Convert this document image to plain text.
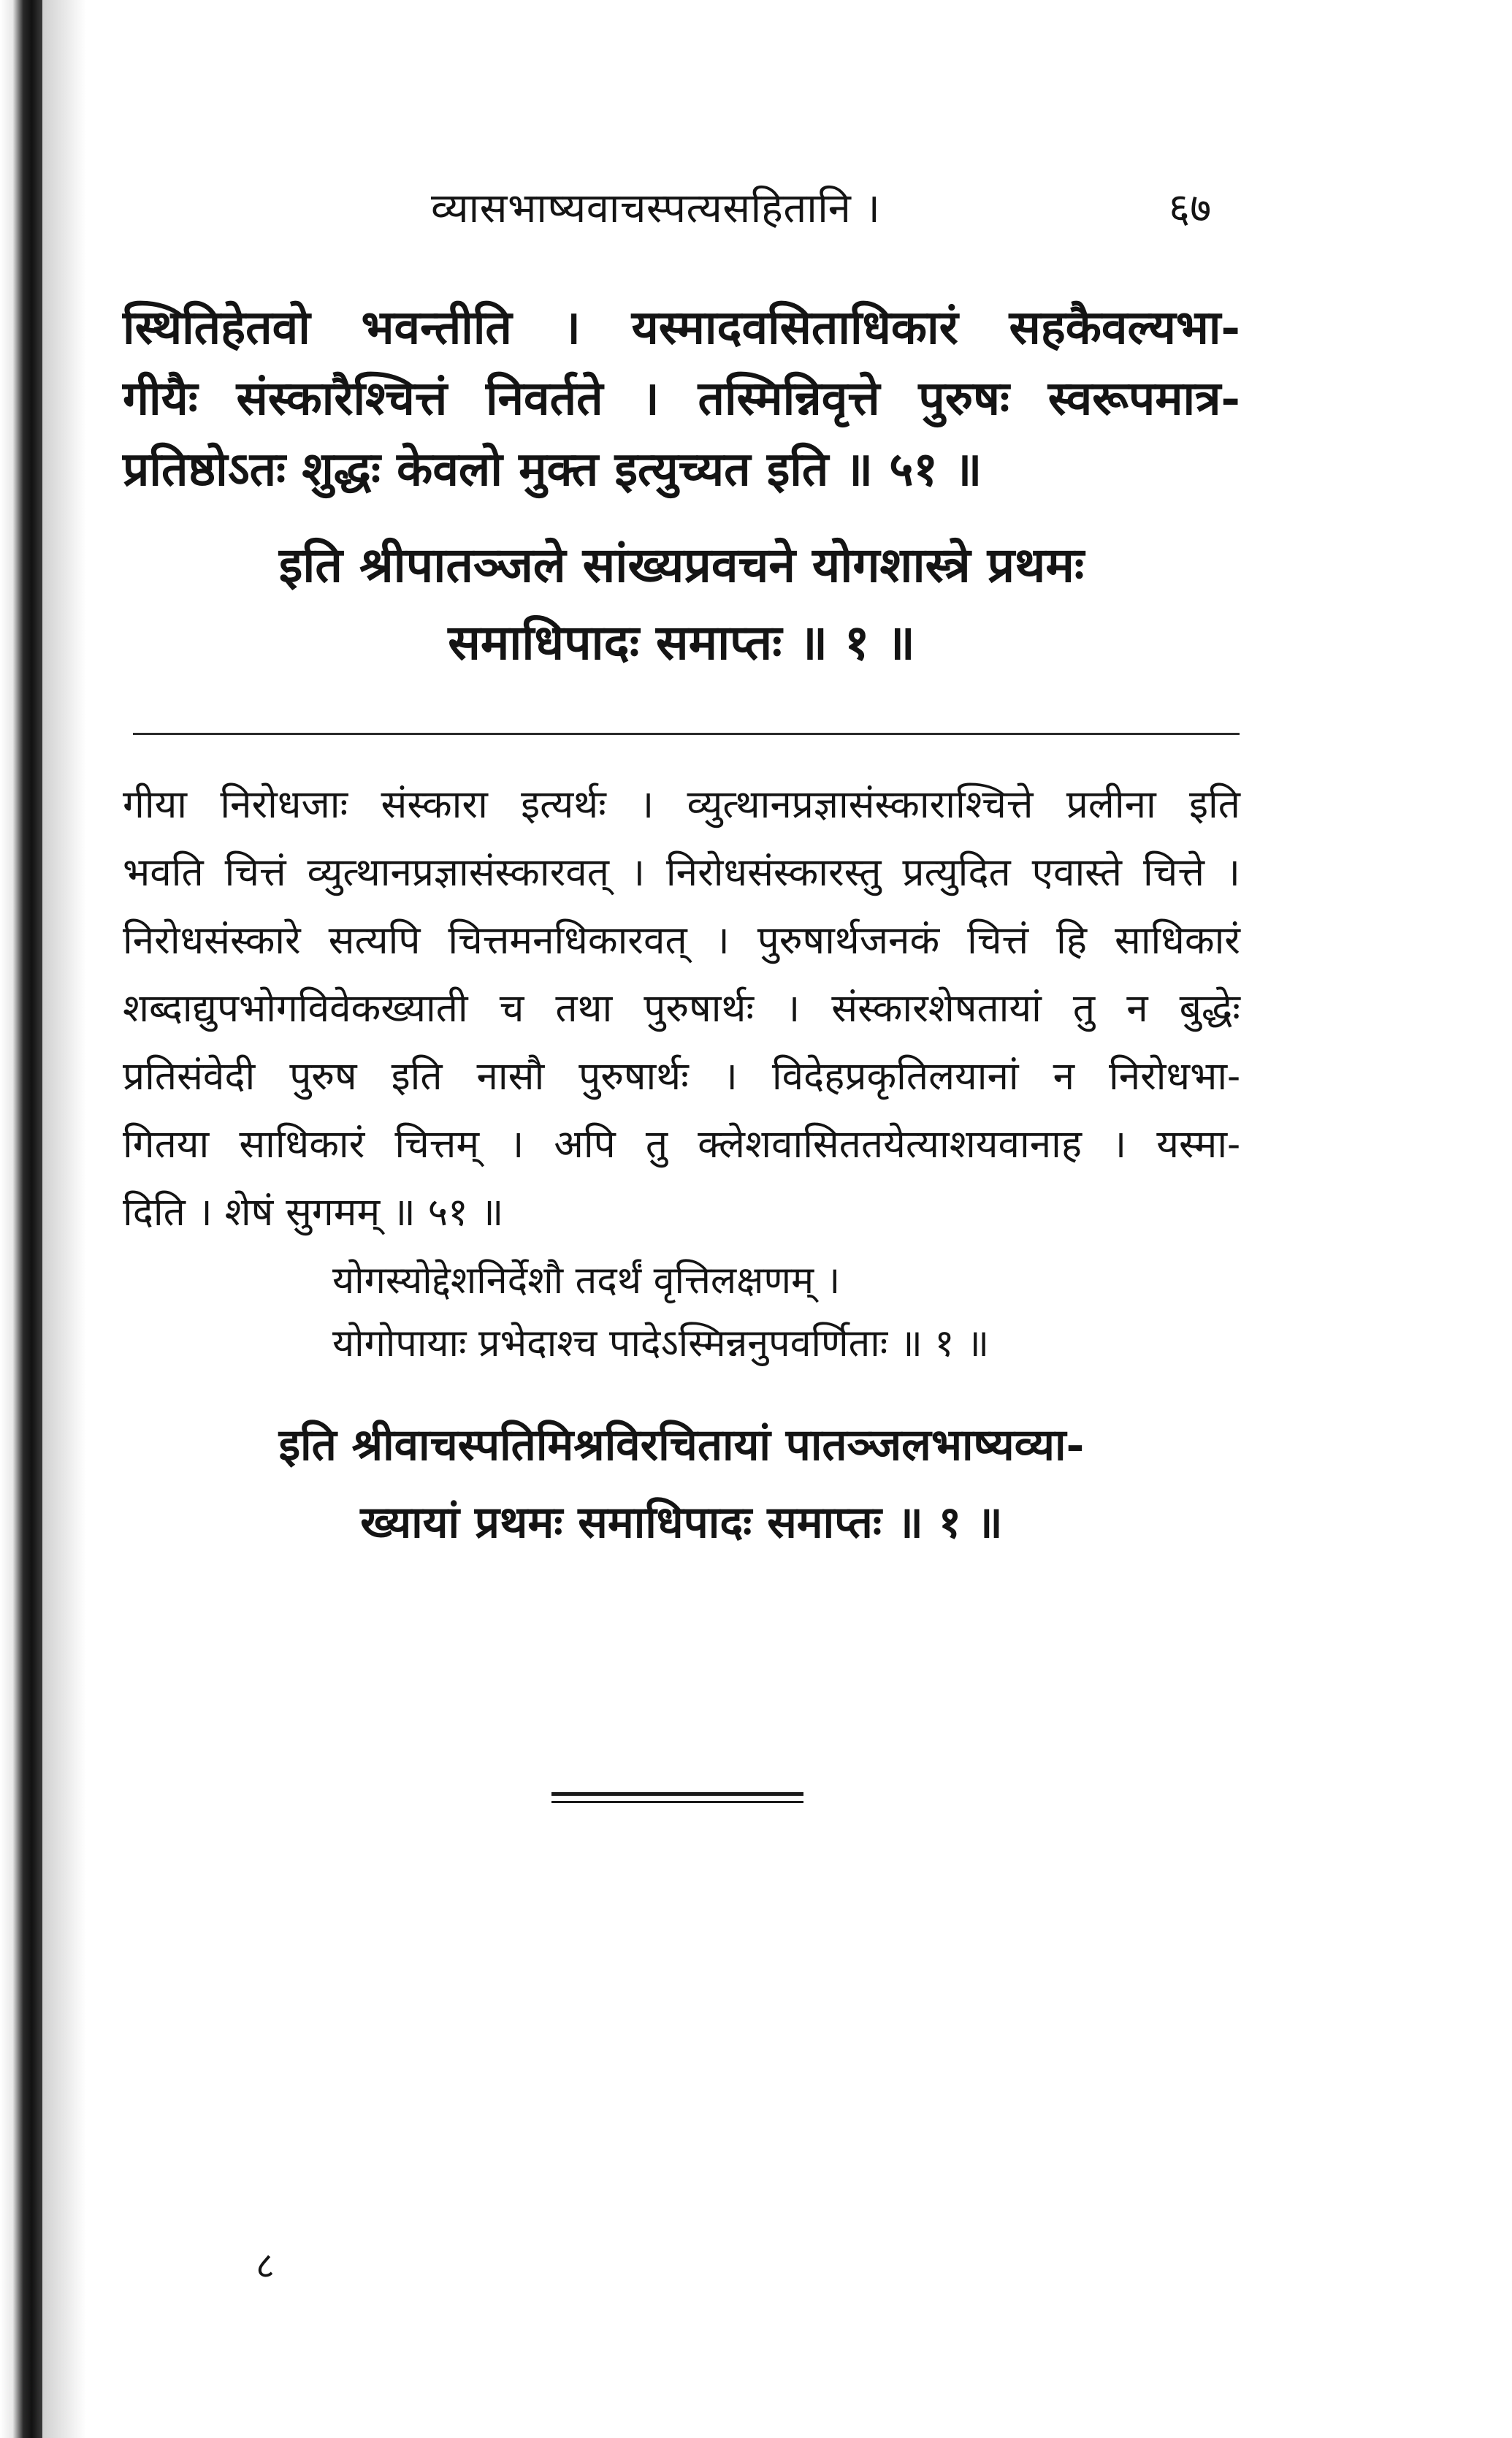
व्यासभाष्यवाचस्पत्यसहितानि ।	६७
स्थितिहेतवो भवन्तीति । यस्मादवसिताधिकारं सहकैवल्यभा-
गीयैः संस्कारैश्चित्तं निवर्तते । तस्मिन्निवृत्ते पुरुषः स्वरूपमात्र-
प्रतिष्ठोऽतः शुद्धः केवलो मुक्त इत्युच्यत इति ॥ ५१ ॥
इति श्रीपातञ्जले सांख्यप्रवचने योगशास्त्रे प्रथमः
समाधिपादः समाप्तः ॥ १ ॥
गीया निरोधजाः संस्कारा इत्यर्थः । व्युत्थानप्रज्ञासंस्काराश्चित्ते प्रलीना इति
भवति चित्तं व्युत्थानप्रज्ञासंस्कारवत् । निरोधसंस्कारस्तु प्रत्युदित एवास्ते चित्ते ।
निरोधसंस्कारे सत्यपि चित्तमनधिकारवत् । पुरुषार्थजनकं चित्तं हि साधिकारं
शब्दाद्युपभोगविवेकख्याती च तथा पुरुषार्थः । संस्कारशेषतायां तु न बुद्धेः
प्रतिसंवेदी पुरुष इति नासौ पुरुषार्थः । विदेहप्रकृतिलयानां न निरोधभा-
गितया साधिकारं चित्तम् । अपि तु क्लेशवासिततयेत्याशयवानाह । यस्मा-
दिति । शेषं सुगमम् ॥ ५१ ॥
योगस्योद्देशनिर्देशौ तदर्थं वृत्तिलक्षणम् ।
योगोपायाः प्रभेदाश्च पादेऽस्मिन्ननुपवर्णिताः ॥ १ ॥
इति श्रीवाचस्पतिमिश्रविरचितायां पातञ्जलभाष्यव्या-
ख्यायां प्रथमः समाधिपादः समाप्तः ॥ १ ॥
८
